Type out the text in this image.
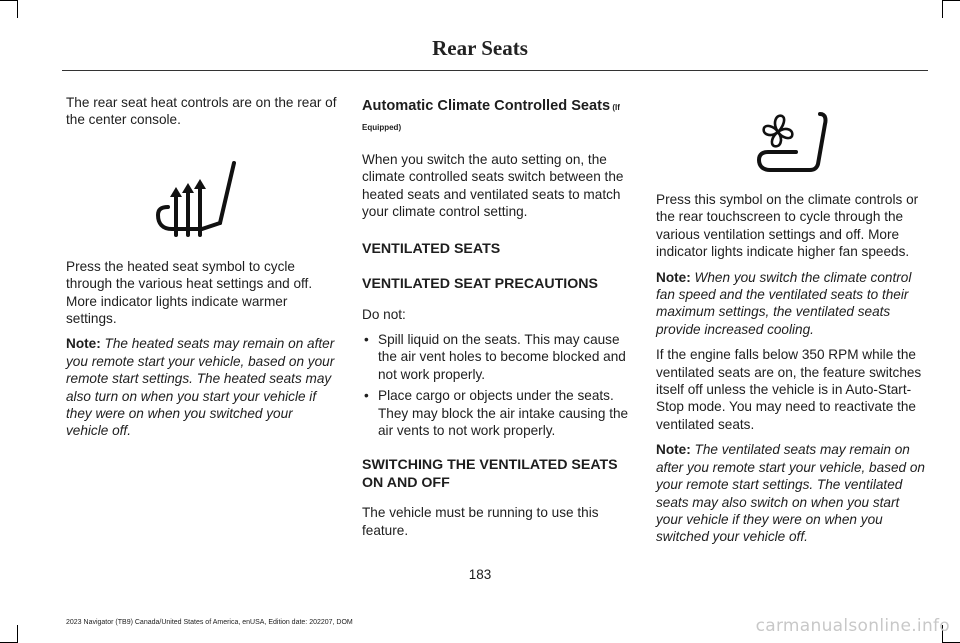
Rear Seats

The rear seat heat controls are on the rear of the center console.

Press the heated seat symbol to cycle through the various heat settings and off. More indicator lights indicate warmer settings.

Note: The heated seats may remain on after you remote start your vehicle, based on your remote start settings. The heated seats may also turn on when you start your vehicle if they were on when you switched your vehicle off.

Automatic Climate Controlled Seats (If Equipped)

When you switch the auto setting on, the climate controlled seats switch between the heated seats and ventilated seats to match your climate control setting.

VENTILATED SEATS
VENTILATED SEAT PRECAUTIONS

Do not:

• Spill liquid on the seats. This may cause the air vent holes to become blocked and not work properly.
• Place cargo or objects under the seats. They may block the air intake causing the air vents to not work properly.
SWITCHING THE VENTILATED SEATS ON AND OFF

The vehicle must be running to use this feature.

Press this symbol on the climate controls or the rear touchscreen to cycle through the various ventilation settings and off. More indicator lights indicate higher fan speeds.

Note: When you switch the climate control fan speed and the ventilated seats to their maximum settings, the ventilated seats provide increased cooling.

If the engine falls below 350 RPM while the ventilated seats are on, the feature switches itself off unless the vehicle is in Auto-Start-Stop mode. You may need to reactivate the ventilated seats.

Note: The ventilated seats may remain on after you remote start your vehicle, based on your remote start settings. The ventilated seats may also switch on when you start your vehicle if they were on when you switched your vehicle off.

183
2023 Navigator (TB9) Canada/United States of America, enUSA, Edition date: 202207, DOM	carmanualsonline.info
